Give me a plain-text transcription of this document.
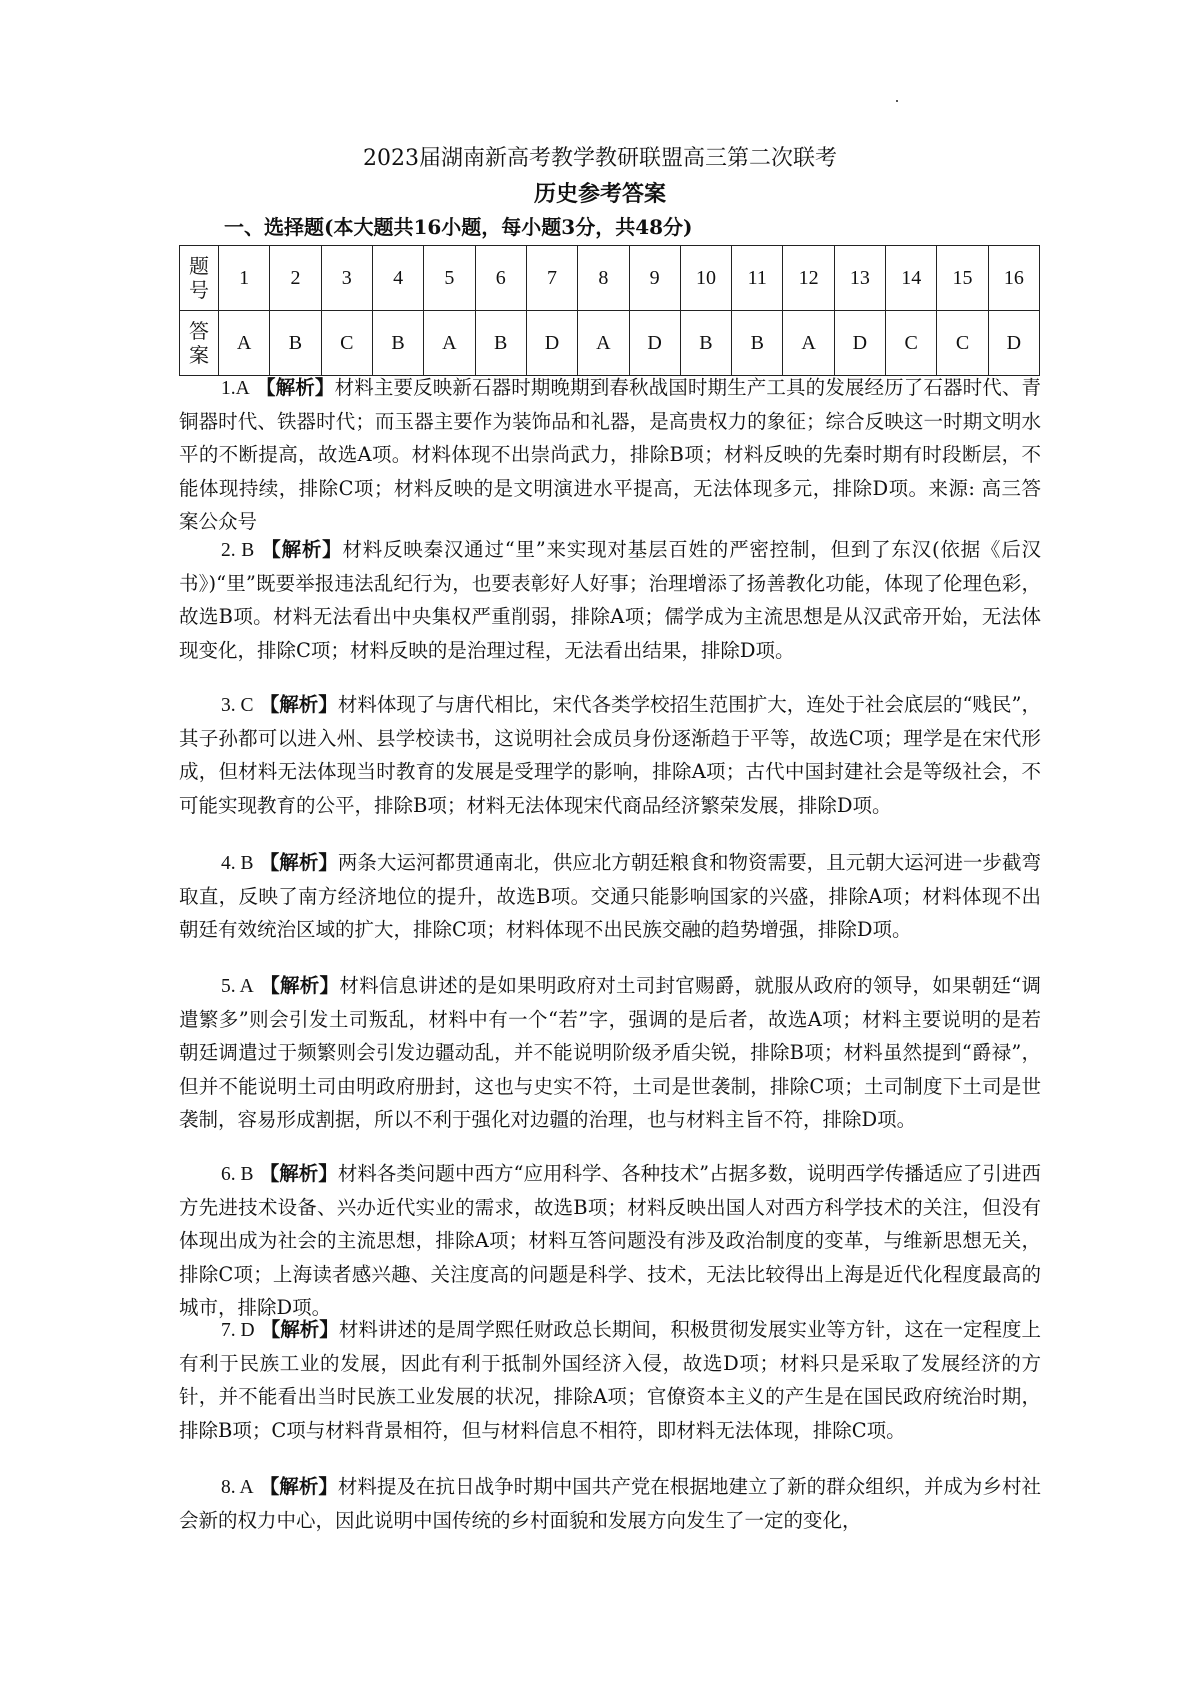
2023届湖南新高考教学教研联盟高三第二次联考
历史参考答案
一、选择题(本大题共16小题，每小题3分，共48分)
题号	1	2	3	4	5	6	7	8	9	10	11	12	13	14	15	16
答案	A	B	C	B	A	B	D	A	D	B	B	A	D	C	C	D

1.A 【解析】材料主要反映新石器时期晚期到春秋战国时期生产工具的发展经历了石器时代、青铜器时代、铁器时代；而玉器主要作为装饰品和礼器，是高贵权力的象征；综合反映这一时期文明水平的不断提高，故选A项。材料体现不出崇尚武力，排除B项；材料反映的先秦时期有时段断层，不能体现持续，排除C项；材料反映的是文明演进水平提高，无法体现多元，排除D项。来源: 高三答案公众号

2. B 【解析】材料反映秦汉通过“里”来实现对基层百姓的严密控制，但到了东汉(依据《后汉书》)“里”既要举报违法乱纪行为，也要表彰好人好事；治理增添了扬善教化功能，体现了伦理色彩，故选B项。材料无法看出中央集权严重削弱，排除A项；儒学成为主流思想是从汉武帝开始，无法体现变化，排除C项；材料反映的是治理过程，无法看出结果，排除D项。

3. C 【解析】材料体现了与唐代相比，宋代各类学校招生范围扩大，连处于社会底层的“贱民”，其子孙都可以进入州、县学校读书，这说明社会成员身份逐渐趋于平等，故选C项；理学是在宋代形成，但材料无法体现当时教育的发展是受理学的影响，排除A项；古代中国封建社会是等级社会，不可能实现教育的公平，排除B项；材料无法体现宋代商品经济繁荣发展，排除D项。

4. B 【解析】两条大运河都贯通南北，供应北方朝廷粮食和物资需要，且元朝大运河进一步截弯取直，反映了南方经济地位的提升，故选B项。交通只能影响国家的兴盛，排除A项；材料体现不出朝廷有效统治区域的扩大，排除C项；材料体现不出民族交融的趋势增强，排除D项。

5. A 【解析】材料信息讲述的是如果明政府对土司封官赐爵，就服从政府的领导，如果朝廷“调遣繁多”则会引发土司叛乱，材料中有一个“若”字，强调的是后者，故选A项；材料主要说明的是若朝廷调遣过于频繁则会引发边疆动乱，并不能说明阶级矛盾尖锐，排除B项；材料虽然提到“爵禄”，但并不能说明土司由明政府册封，这也与史实不符，土司是世袭制，排除C项；土司制度下土司是世袭制，容易形成割据，所以不利于强化对边疆的治理，也与材料主旨不符，排除D项。

6. B 【解析】材料各类问题中西方“应用科学、各种技术”占据多数，说明西学传播适应了引进西方先进技术设备、兴办近代实业的需求，故选B项；材料反映出国人对西方科学技术的关注，但没有体现出成为社会的主流思想，排除A项；材料互答问题没有涉及政治制度的变革，与维新思想无关，排除C项；上海读者感兴趣、关注度高的问题是科学、技术，无法比较得出上海是近代化程度最高的城市，排除D项。

7. D 【解析】材料讲述的是周学熙任财政总长期间，积极贯彻发展实业等方针，这在一定程度上有利于民族工业的发展，因此有利于抵制外国经济入侵，故选D项；材料只是采取了发展经济的方针，并不能看出当时民族工业发展的状况，排除A项；官僚资本主义的产生是在国民政府统治时期，排除B项；C项与材料背景相符，但与材料信息不相符，即材料无法体现，排除C项。

8. A 【解析】材料提及在抗日战争时期中国共产党在根据地建立了新的群众组织，并成为乡村社会新的权力中心，因此说明中国传统的乡村面貌和发展方向发生了一定的变化，
